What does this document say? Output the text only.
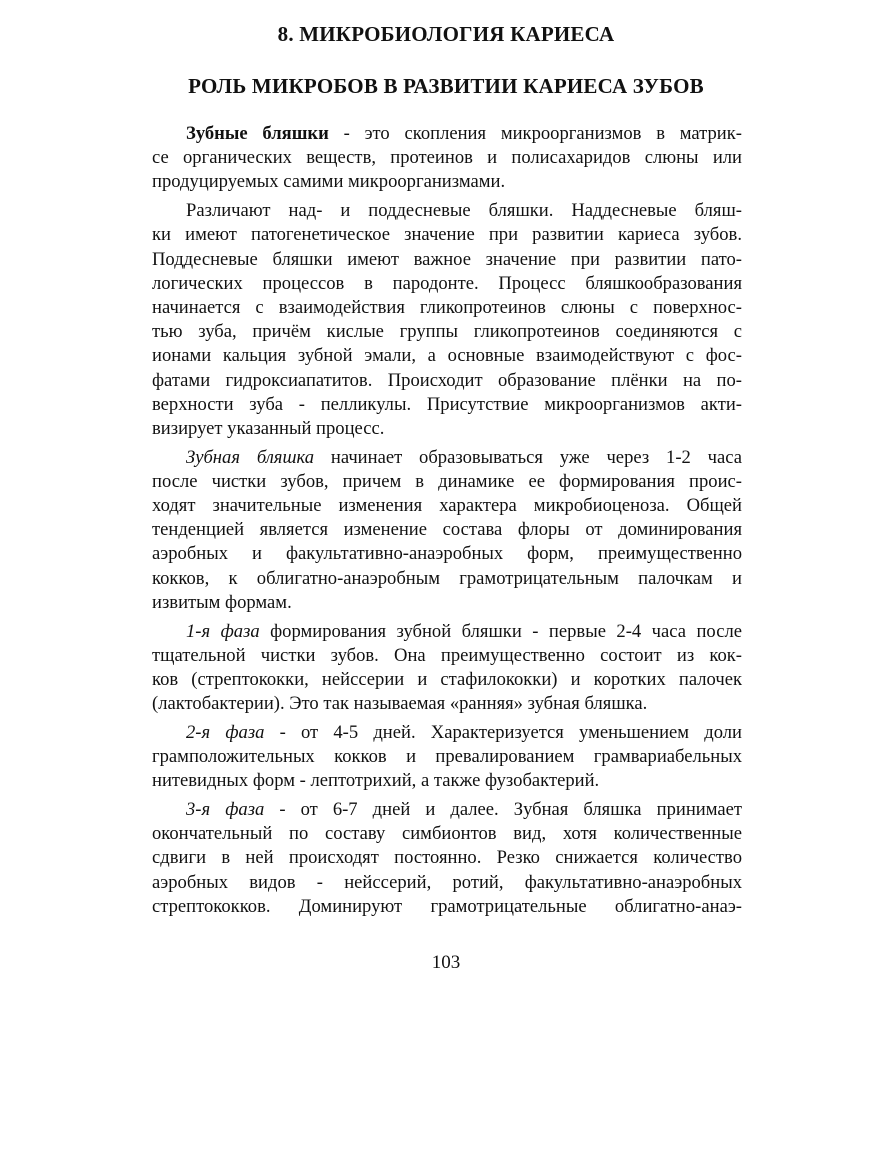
8. МИКРОБИОЛОГИЯ КАРИЕСА
РОЛЬ МИКРОБОВ В РАЗВИТИИ КАРИЕСА ЗУБОВ
Зубные бляшки - это скопления микроорганизмов в матрик-
се органических веществ, протеинов и полисахаридов слюны или
продуцируемых самими микроорганизмами.
Различают над- и поддесневые бляшки. Наддесневые бляш-
ки имеют патогенетическое значение при развитии кариеса зубов.
Поддесневые бляшки имеют важное значение при развитии пато-
логических процессов в пародонте. Процесс бляшкообразования
начинается с взаимодействия гликопротеинов слюны с поверхнос-
тью зуба, причём кислые группы гликопротеинов соединяются с
ионами кальция зубной эмали, а основные взаимодействуют с фос-
фатами гидроксиапатитов. Происходит образование плёнки на по-
верхности зуба - пелликулы. Присутствие микроорганизмов акти-
визирует указанный процесс.
Зубная бляшка начинает образовываться уже через 1-2 часа
после чистки зубов, причем в динамике ее формирования проис-
ходят значительные изменения характера микробиоценоза. Общей
тенденцией является изменение состава флоры от доминирования
аэробных и факультативно-анаэробных форм, преимущественно
кокков, к облигатно-анаэробным грамотрицательным палочкам и
извитым формам.
1-я фаза формирования зубной бляшки - первые 2-4 часа после
тщательной чистки зубов. Она преимущественно состоит из кок-
ков (стрептококки, нейссерии и стафилококки) и коротких палочек
(лактобактерии). Это так называемая «ранняя» зубная бляшка.
2-я фаза - от 4-5 дней. Характеризуется уменьшением доли
грамположительных кокков и превалированием грамвариабельных
нитевидных форм - лептотрихий, а также фузобактерий.
3-я фаза - от 6-7 дней и далее. Зубная бляшка принимает
окончательный по составу симбионтов вид, хотя количественные
сдвиги в ней происходят постоянно. Резко снижается количество
аэробных видов - нейссерий, ротий, факультативно-анаэробных
стрептококков. Доминируют грамотрицательные облигатно-анаэ-
103
